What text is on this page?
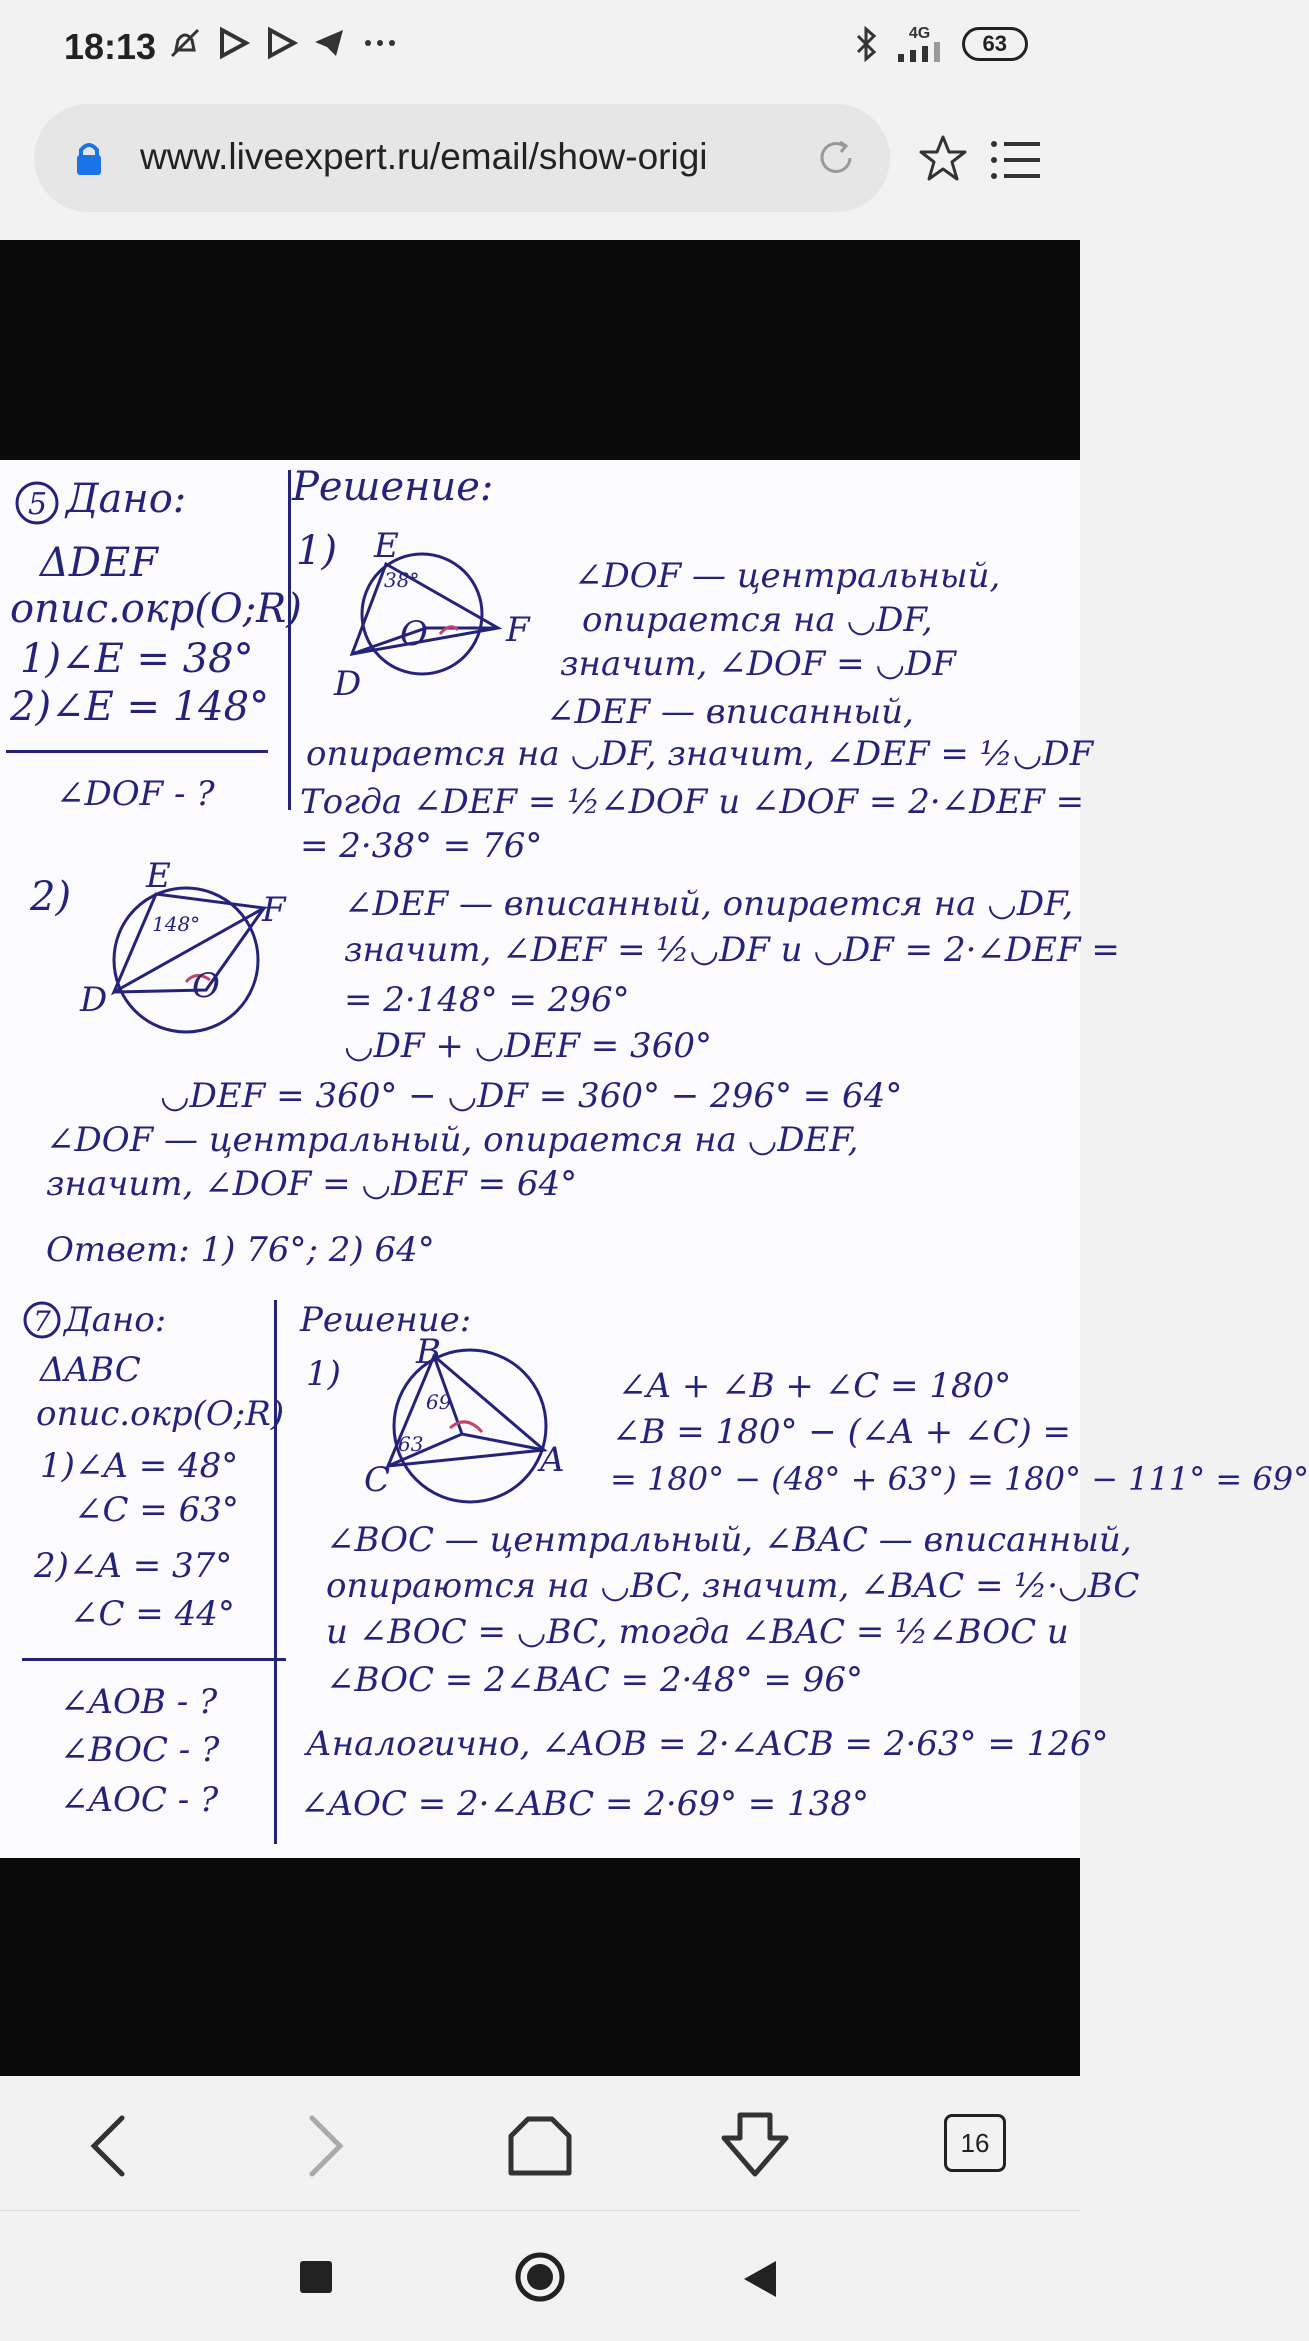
18:13	4G	63
www.liveexpert.ru/email/show-origi
5 Дано:
ΔDEF
опис.окр(O;R)
1)∠E = 38°
2)∠E = 148°
∠DOF - ?
Решение:
1) E
F
D
O
38°	∠DOF — центральный,
опирается на ◡DF,
значит, ∠DOF = ◡DF
∠DEF — вписанный,
опирается на ◡DF, значит, ∠DEF = ½◡DF
Тогда ∠DEF = ½∠DOF и ∠DOF = 2·∠DEF =
= 2·38° = 76°
2) E
F
D O
148°	∠DEF — вписанный, опирается на ◡DF,
значит, ∠DEF = ½◡DF и ◡DF = 2·∠DEF =
= 2·148° = 296°
◡DF + ◡DEF = 360°
◡DEF = 360° − ◡DF = 360° − 296° = 64°
∠DOF — центральный, опирается на ◡DEF,
значит, ∠DOF = ◡DEF = 64°
Ответ: 1) 76°; 2) 64°
7 Дано:
ΔABC
опис.окр(O;R)
1)∠A = 48°
∠C = 63°
2)∠A = 37°
∠C = 44°
∠AOB - ?
∠BOC - ?
∠AOC - ?
Решение:
1)
B
C	A
69
63
∠A + ∠B + ∠C = 180°
∠B = 180° − (∠A + ∠C) =
= 180° − (48° + 63°) = 180° − 111° = 69°
∠BOC — центральный, ∠BAC — вписанный,
опираются на ◡BC, значит, ∠BAC = ½·◡BC
и ∠BOC = ◡BC, тогда ∠BAC = ½∠BOC и
∠BOC = 2∠BAC = 2·48° = 96°
Аналогично, ∠AOB = 2·∠ACB = 2·63° = 126°
∠AOC = 2·∠ABC = 2·69° = 138°
16
